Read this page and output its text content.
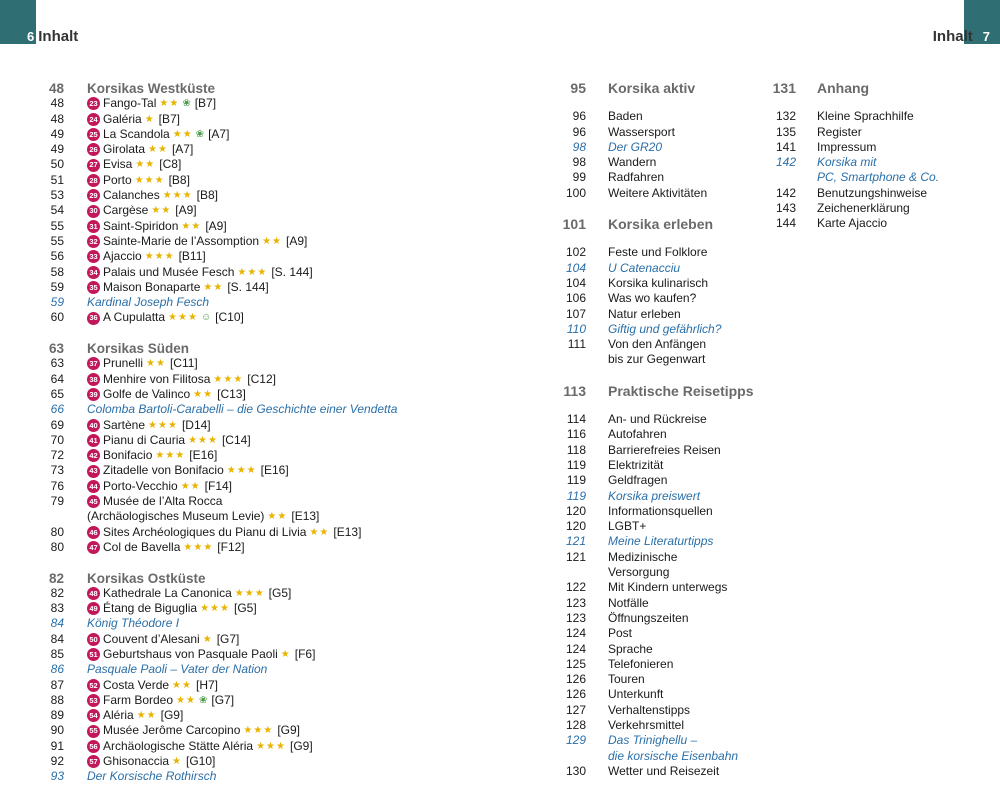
6 Inhalt	Inhalt 7
48 Korsikas Westküste
48	23 Fango-Tal ★★ ❀ [B7]
48	24 Galéria ★ [B7]
49	25 La Scandola ★★ ❀ [A7]
49	26 Girolata ★★ [A7]
50	27 Evisa ★★ [C8]
51	28 Porto ★★★ [B8]
53	29 Calanches ★★★ [B8]
54	30 Cargèse ★★ [A9]
55	31 Saint-Spiridon ★★ [A9]
55	32 Sainte-Marie de l’Assomption ★★ [A9]
56	33 Ajaccio ★★★ [B11]
58	34 Palais und Musée Fesch ★★★ [S. 144]
59	35 Maison Bonaparte ★★ [S. 144]
59 Kardinal Joseph Fesch
60	36 A Cupulatta ★★★ ☺ [C10]
63 Korsikas Süden
63	37 Prunelli ★★ [C11]
64	38 Menhire von Filitosa ★★★ [C12]
65	39 Golfe de Valinco ★★ [C13]
66 Colomba Bartoli-Carabelli – die Geschichte einer Vendetta
69	40 Sartène ★★★ [D14]
70	41 Pianu di Cauria ★★★ [C14]
72	42 Bonifacio ★★★ [E16]
73	43 Zitadelle von Bonifacio ★★★ [E16]
76	44 Porto-Vecchio ★★ [F14]
79	45 Musée de l’Alta Rocca
(Archäologisches Museum Levie) ★★ [E13]
80	46 Sites Archéologiques du Pianu di Livia ★★ [E13]
80	47 Col de Bavella ★★★ [F12]
82 Korsikas Ostküste
82	48 Kathedrale La Canonica ★★★ [G5]
83	49 Étang de Biguglia ★★★ [G5]
84 König Théodore I
84	50 Couvent d’Alesani ★ [G7]
85	51 Geburtshaus von Pasquale Paoli ★ [F6]
86 Pasquale Paoli – Vater der Nation
87	52 Costa Verde ★★ [H7]
88	53 Farm Bordeo ★★ ❀ [G7]
89	54 Aléria ★★ [G9]
90	55 Musée Jerôme Carcopino ★★★ [G9]
91	56 Archäologische Stätte Aléria ★★★ [G9]
92	57 Ghisonaccia ★ [G10]
93 Der Korsische Rothirsch
95 Korsika aktiv
96 Baden
96 Wassersport
98 Der GR20
98 Wandern
99 Radfahren
100 Weitere Aktivitäten
101 Korsika erleben
102 Feste und Folklore
104 U Catenacciu
104 Korsika kulinarisch
106 Was wo kaufen?
107 Natur erleben
110 Giftig und gefährlich?
111 Von den Anfängen
bis zur Gegenwart
113 Praktische Reisetipps
114 An- und Rückreise
116 Autofahren
118 Barrierefreies Reisen
119 Elektrizität
119 Geldfragen
119 Korsika preiswert
120 Informationsquellen
120 LGBT+
121 Meine Literaturtipps
121 Medizinische
Versorgung
122 Mit Kindern unterwegs
123 Notfälle
123 Öffnungszeiten
124 Post
124 Sprache
125 Telefonieren
126 Touren
126 Unterkunft
127 Verhaltenstipps
128 Verkehrsmittel
129 Das Trinighellu –
die korsische Eisenbahn
130 Wetter und Reisezeit
131 Anhang
132 Kleine Sprachhilfe
135 Register
141 Impressum
142 Korsika mit
PC, Smartphone & Co.
142 Benutzungshinweise
143 Zeichenerklärung
144 Karte Ajaccio
